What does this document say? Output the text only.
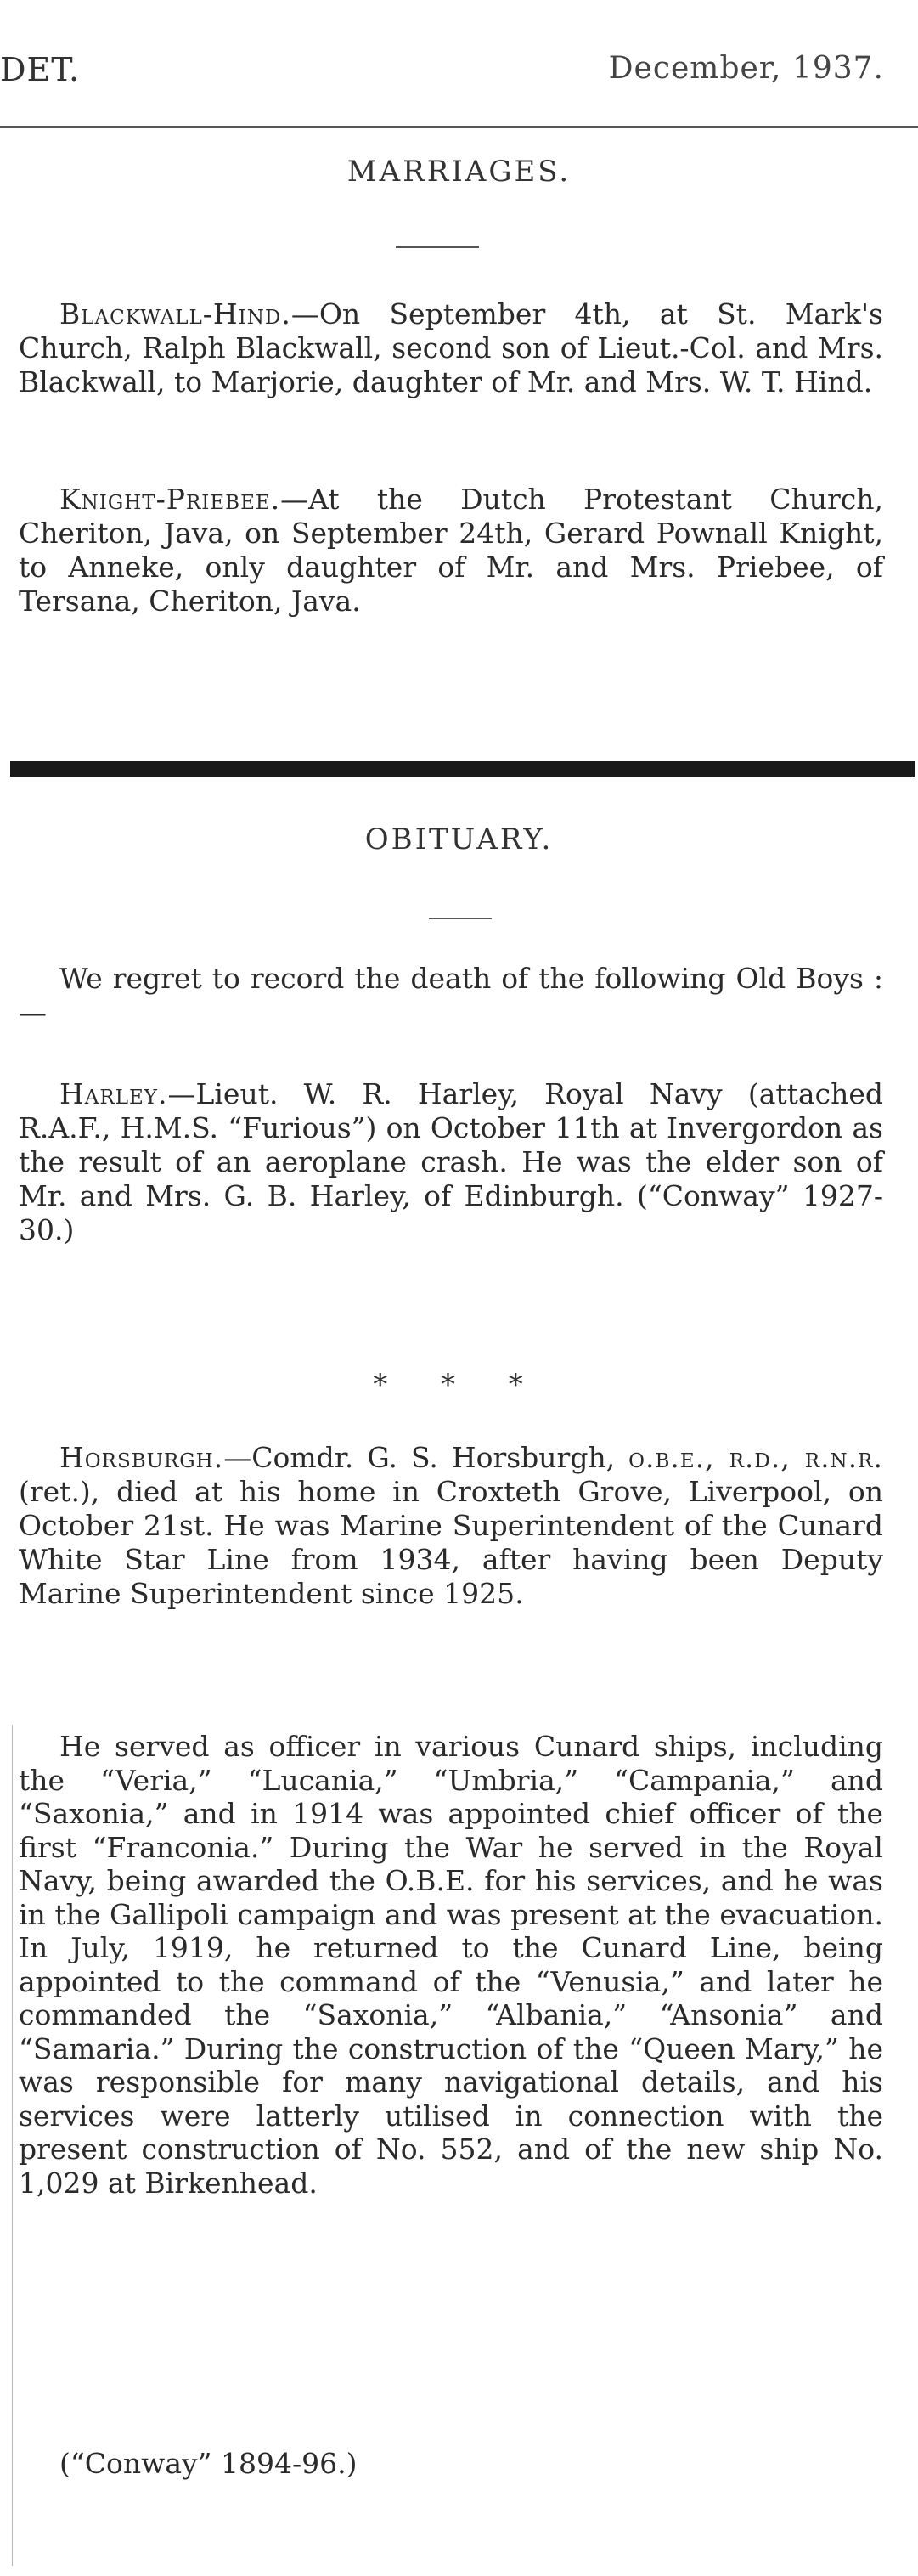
DET.	December, 1937.
MARRIAGES.

Blackwall-Hind.—On September 4th, at St. Mark's Church, Ralph Blackwall, second son of Lieut.-Col. and Mrs. Blackwall, to Marjorie, daughter of Mr. and Mrs. W. T. Hind.

Knight-Priebee.—At the Dutch Protestant Church, Cheriton, Java, on September 24th, Gerard Pownall Knight, to Anneke, only daughter of Mr. and Mrs. Priebee, of Tersana, Cheriton, Java.

OBITUARY.

We regret to record the death of the following Old Boys :—

Harley.—Lieut. W. R. Harley, Royal Navy (attached R.A.F., H.M.S. “Furious”) on October 11th at Invergordon as the result of an aeroplane crash. He was the elder son of Mr. and Mrs. G. B. Harley, of Edinburgh. (“Conway” 1927-30.)

* * *

Horsburgh.—Comdr. G. S. Horsburgh, o.b.e., r.d., r.n.r. (ret.), died at his home in Croxteth Grove, Liverpool, on October 21st. He was Marine Superintendent of the Cunard White Star Line from 1934, after having been Deputy Marine Superintendent since 1925.

He served as officer in various Cunard ships, including the “Veria,” “Lucania,” “Umbria,” “Campania,” and “Saxonia,” and in 1914 was appointed chief officer of the first “Franconia.” During the War he served in the Royal Navy, being awarded the O.B.E. for his services, and he was in the Gallipoli campaign and was present at the evacuation. In July, 1919, he returned to the Cunard Line, being appointed to the command of the “Venusia,” and later he commanded the “Saxonia,” “Albania,” “Ansonia” and “Samaria.” During the construction of the “Queen Mary,” he was responsible for many navigational details, and his services were latterly utilised in connection with the present construction of No. 552, and of the new ship No. 1,029 at Birkenhead.

(“Conway” 1894-96.)
